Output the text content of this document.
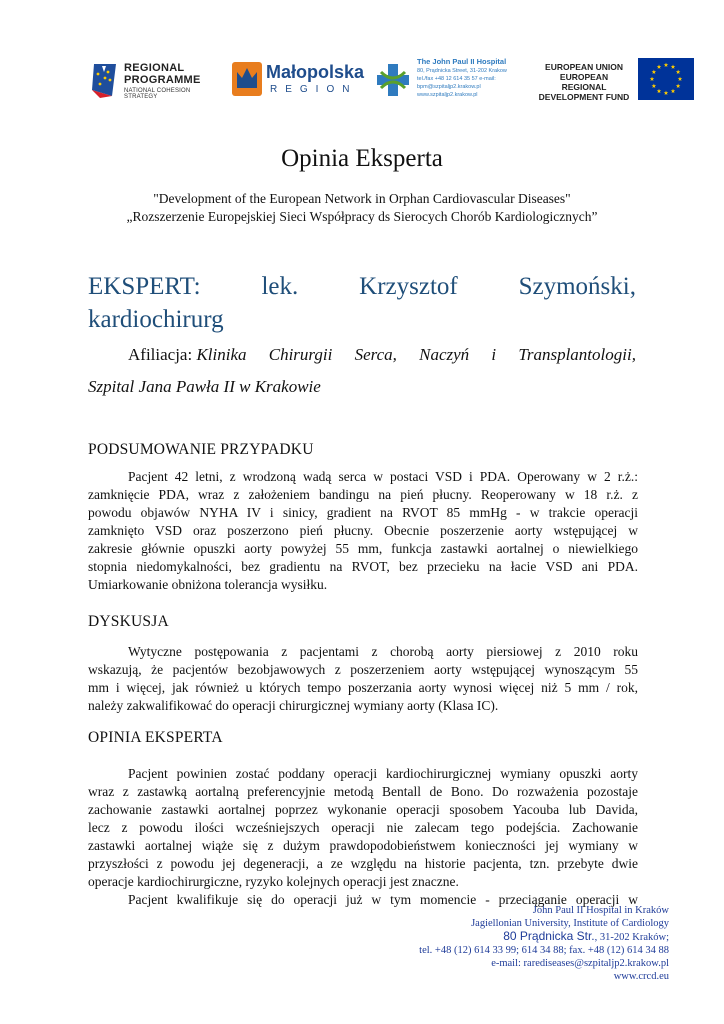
REGIONAL
PROGRAMME
NATIONAL COHESION STRATEGY
Małopolska
REGION
The John Paul II Hospital
80, Prądnicka Street, 31-202 Krakow
tel./fax +48 12 614 35 57 e-mail:
bpm@szpitaljp2.krakow.pl
www.szpitaljp2.krakow.pl
EUROPEAN UNION
EUROPEAN REGIONAL
DEVELOPMENT FUND
Opinia Eksperta
"Development of the European Network in Orphan Cardiovascular Diseases"
„Rozszerzenie Europejskiej Sieci Współpracy ds Sierocych Chorób Kardiologicznych”
EKSPERT: lek. Krzysztof Szymoński,
kardiochirurg
Afiliacja: Klinika Chirurgii Serca, Naczyń i Transplantologii,
Szpital Jana Pawła II w Krakowie
PODSUMOWANIE PRZYPADKU
Pacjent 42 letni, z wrodzoną wadą serca w postaci VSD i PDA. Operowany w 2 r.ż.:
zamknięcie PDA, wraz z założeniem bandingu na pień płucny. Reoperowany w 18 r.ż. z
powodu objawów NYHA IV i sinicy, gradient na RVOT 85 mmHg - w trakcie operacji
zamknięto VSD oraz poszerzono pień płucny. Obecnie poszerzenie aorty wstępującej w
zakresie głównie opuszki aorty powyżej 55 mm, funkcja zastawki aortalnej o niewielkiego
stopnia niedomykalności, bez gradientu na RVOT, bez przecieku na łacie VSD ani PDA.
Umiarkowanie obniżona tolerancja wysiłku.
DYSKUSJA
Wytyczne postępowania z pacjentami z chorobą aorty piersiowej z 2010 roku
wskazują, że pacjentów bezobjawowych z poszerzeniem aorty wstępującej wynoszącym 55
mm i więcej, jak również u których tempo poszerzania aorty wynosi więcej niż 5 mm / rok,
należy zakwalifikować do operacji chirurgicznej wymiany aorty (Klasa IC).
OPINIA EKSPERTA
Pacjent powinien zostać poddany operacji kardiochirurgicznej wymiany opuszki aorty
wraz z zastawką aortalną preferencyjnie metodą Bentall de Bono. Do rozważenia pozostaje
zachowanie zastawki aortalnej poprzez wykonanie operacji sposobem Yacouba lub Davida,
lecz z powodu ilości wcześniejszych operacji nie zalecam tego podejścia. Zachowanie
zastawki aortalnej wiąże się z dużym prawdopodobieństwem konieczności jej wymiany w
przyszłości z powodu jej degeneracji, a ze względu na historie pacjenta, tzn. przebyte dwie
operacje kardiochirurgiczne, ryzyko kolejnych operacji jest znaczne.
Pacjent kwalifikuje się do operacji już w tym momencie - przeciąganie operacji w
John Paul II Hospital in Kraków
Jagiellonian University, Institute of Cardiology
80 Prądnicka Str., 31-202 Kraków;
tel. +48 (12) 614 33 99; 614 34 88; fax. +48 (12) 614 34 88
e-mail: rarediseases@szpitaljp2.krakow.pl
www.crcd.eu
